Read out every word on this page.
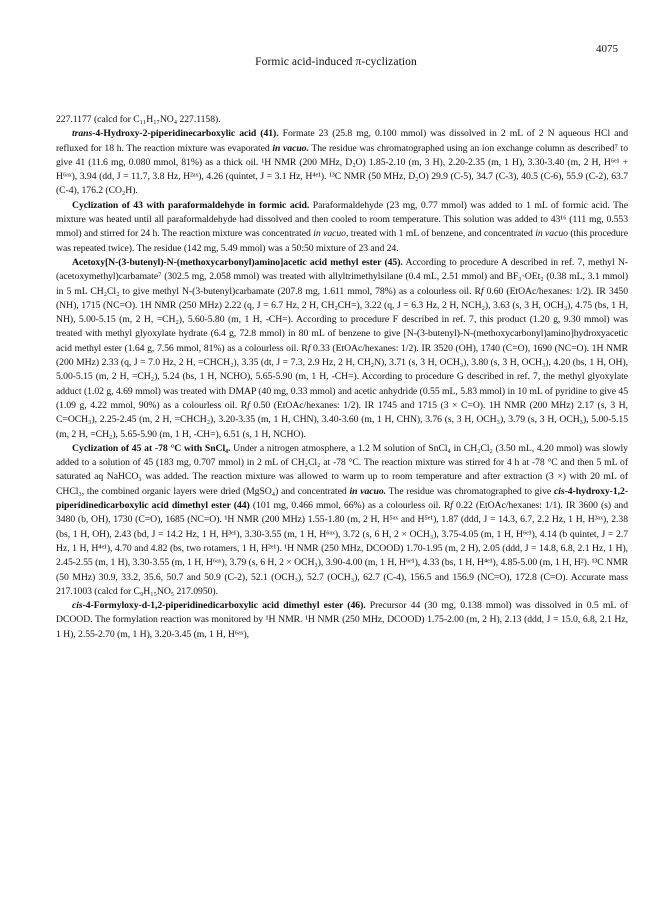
4075
Formic acid-induced π-cyclization

227.1177 (calcd for C₁₁H₁₇NO₄ 227.1158).

trans-4-Hydroxy-2-piperidinecarboxylic acid (41). Formate 23 (25.8 mg, 0.100 mmol) was dissolved in 2 mL of 2 N aqueous HCl and refluxed for 18 h. The reaction mixture was evaporated in vacuo. The residue was chromatographed using an ion exchange column as described⁷ to give 41 (11.6 mg, 0.080 mmol, 81%) as a thick oil. ¹H NMR (200 MHz, D₂O) 1.85-2.10 (m, 3 H), 2.20-2.35 (m, 1 H), 3.30-3.40 (m, 2 H, H⁶ᵉ¹ + H⁶ᵃˣ), 3.94 (dd, J = 11.7, 3.8 Hz, H²ᵃˣ), 4.26 (quintet, J = 3.1 Hz, H⁴ᵉ¹). ¹³C NMR (50 MHz, D₂O) 29.9 (C-5), 34.7 (C-3), 40.5 (C-6), 55.9 (C-2), 63.7 (C-4), 176.2 (CO₂H).

Cyclization of 43 with paraformaldehyde in formic acid. Paraformaldehyde (23 mg, 0.77 mmol) was added to 1 mL of formic acid. The mixture was heated until all paraformaldehyde had dissolved and then cooled to room temperature. This solution was added to 43¹⁶ (111 mg, 0.553 mmol) and stirred for 24 h. The reaction mixture was concentrated in vacuo, treated with 1 mL of benzene, and concentrated in vacuo (this procedure was repeated twice). The residue (142 mg, 5.49 mmol) was a 50:50 mixture of 23 and 24.

Acetoxy[N-(3-butenyl)-N-(methoxycarbonyl)amino]acetic acid methyl ester (45). According to procedure A described in ref. 7, methyl N-(acetoxymethyl)carbamate⁷ (302.5 mg, 2.058 mmol) was treated with allyltrimethylsilane (0.4 mL, 2.51 mmol) and BF₃·OEt₂ (0.38 mL, 3.1 mmol) in 5 mL CH₂Cl₂ to give methyl N-(3-butenyl)carbamate (207.8 mg, 1.611 mmol, 78%) as a colourless oil. Rf 0.60 (EtOAc/hexanes: 1/2). IR 3450 (NH), 1715 (NC=O). 1H NMR (250 MHz) 2.22 (q, J = 6.7 Hz, 2 H, CH₂CH=), 3.22 (q, J = 6.3 Hz, 2 H, NCH₂), 3.63 (s, 3 H, OCH₃), 4.75 (bs, 1 H, NH), 5.00-5.15 (m, 2 H, =CH₂), 5.60-5.80 (m, 1 H, -CH=). According to procedure F described in ref. 7, this product (1.20 g, 9.30 mmol) was treated with methyl glyoxylate hydrate (6.4 g, 72.8 mmol) in 80 mL of benzene to give [N-(3-butenyl)-N-(methoxycarbonyl)amino]hydroxyacetic acid methyl ester (1.64 g, 7.56 mmol, 81%) as a colourless oil. Rf 0.33 (EtOAc/hexanes: 1/2). IR 3520 (OH), 1740 (C=O), 1690 (NC=O). 1H NMR (200 MHz) 2.33 (q, J = 7.0 Hz, 2 H, =CHCH₂), 3.35 (dt, J = 7.3, 2.9 Hz, 2 H, CH₂N), 3.71 (s, 3 H, OCH₃), 3.80 (s, 3 H, OCH₃), 4.20 (bs, 1 H, OH), 5.00-5.15 (m, 2 H, =CH₂), 5.24 (bs, 1 H, NCHO), 5.65-5.90 (m, 1 H, -CH=). According to procedure G described in ref. 7, the methyl glyoxylate adduct (1.02 g, 4.69 mmol) was treated with DMAP (40 mg, 0.33 mmol) and acetic anhydride (0.55 mL, 5.83 mmol) in 10 mL of pyridine to give 45 (1.09 g, 4.22 mmol, 90%) as a colourless oil. Rf 0.50 (EtOAc/hexanes: 1/2). IR 1745 and 1715 (3 × C=O). 1H NMR (200 MHz) 2.17 (s, 3 H, C=OCH₃), 2.25-2.45 (m, 2 H, =CHCH₂), 3.20-3.35 (m, 1 H, CHN), 3.40-3.60 (m, 1 H, CHN), 3.76 (s, 3 H, OCH₃), 3.79 (s, 3 H, OCH₃), 5.00-5.15 (m, 2 H, =CH₂), 5.65-5.90 (m, 1 H, -CH=), 6.51 (s, 1 H, NCHO).

Cyclization of 45 at -78 °C with SnCl₄. Under a nitrogen atmosphere, a 1.2 M solution of SnCl₄ in CH₂Cl₂ (3.50 mL, 4.20 mmol) was slowly added to a solution of 45 (183 mg, 0.707 mmol) in 2 mL of CH₂Cl₂ at -78 °C. The reaction mixture was stirred for 4 h at -78 °C and then 5 mL of saturated aq NaHCO₃ was added. The reaction mixture was allowed to warm up to room temperature and after extraction (3 ×) with 20 mL of CHCl₃, the combined organic layers were dried (MgSO₄) and concentrated in vacuo. The residue was chromatographed to give cis-4-hydroxy-1,2-piperidinedicarboxylic acid dimethyl ester (44) (101 mg, 0.466 mmol, 66%) as a colourless oil. Rf 0.22 (EtOAc/hexanes: 1/1). IR 3600 (s) and 3480 (b, OH), 1730 (C=O), 1685 (NC=O). ¹H NMR (200 MHz) 1.55-1.80 (m, 2 H, H⁵ᵃˣ and H⁵ᵉ¹), 1.87 (ddd, J = 14.3, 6.7, 2.2 Hz, 1 H, H³ᵃˣ), 2.38 (bs, 1 H, OH), 2.43 (bd, J = 14.2 Hz, 1 H, H³ᵉ¹), 3.30-3.55 (m, 1 H, H⁶ᵃˣ), 3.72 (s, 6 H, 2 × OCH₃), 3.75-4.05 (m, 1 H, H⁶ᵉ¹), 4.14 (b quintet, J = 2.7 Hz, 1 H, H⁴ᵉ¹), 4.70 and 4.82 (bs, two rotamers, 1 H, H²ᵉ¹). ¹H NMR (250 MHz, DCOOD) 1.70-1.95 (m, 2 H), 2.05 (ddd, J = 14.8, 6.8, 2.1 Hz, 1 H), 2.45-2.55 (m, 1 H), 3.30-3.55 (m, 1 H, H⁶ᵃˣ), 3.79 (s, 6 H, 2 × OCH₃), 3.90-4.00 (m, 1 H, H⁶ᵉ¹), 4.33 (bs, 1 H, H⁴ᵉ¹), 4.85-5.00 (m, 1 H, H²). ¹³C NMR (50 MHz) 30.9, 33.2, 35.6, 50.7 and 50.9 (C-2), 52.1 (OCH₃), 52.7 (OCH₃), 62.7 (C-4), 156.5 and 156.9 (NC=O), 172.8 (C=O). Accurate mass 217.1003 (calcd for C₉H₁₅NO₅ 217.0950).

cis-4-Formyloxy-d-1,2-piperidinedicarboxylic acid dimethyl ester (46). Precursor 44 (30 mg, 0.138 mmol) was dissolved in 0.5 mL of DCOOD. The formylation reaction was monitored by ¹H NMR. ¹H NMR (250 MHz, DCOOD) 1.75-2.00 (m, 2 H), 2.13 (ddd, J = 15.0, 6.8, 2.1 Hz, 1 H), 2.55-2.70 (m, 1 H), 3.20-3.45 (m, 1 H, H⁶ᵃˣ),
